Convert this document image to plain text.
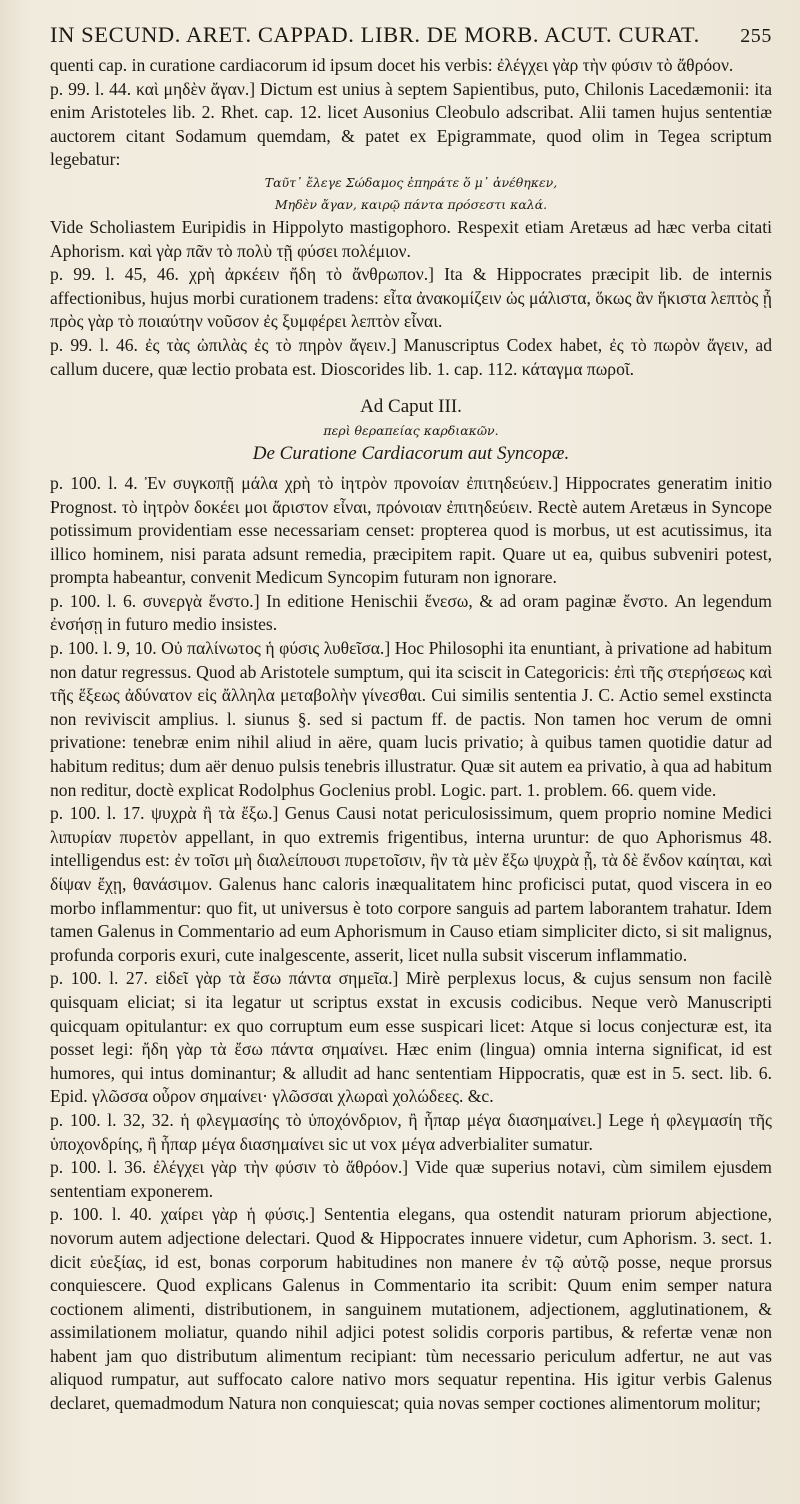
IN SECUND. ARET. CAPPAD. LIBR. DE MORB. ACUT. CURAT. 255

quenti cap. in curatione cardiacorum id ipsum docet his verbis: ἐλέγχει γὰρ τὴν φύσιν τὸ ἄθρόον.

p. 99. l. 44. καὶ μηδὲν ἄγαν.] Dictum est unius à septem Sapientibus, puto, Chilonis Lacedæmonii: ita enim Aristoteles lib. 2. Rhet. cap. 12. licet Ausonius Cleobulo adscribat. Alii tamen hujus sententiæ auctorem citant Sodamum quemdam, & patet ex Epigrammate, quod olim in Tegea scriptum legebatur:

Ταῦτ᾿ ἔλεγε Σώδαμος ἐπηράτε ὅ μ᾿ ἀνέθηκεν,
Μηδὲν ἄγαν, καιρῷ πάντα πρόσεστι καλά.

Vide Scholiastem Euripidis in Hippolyto mastigophoro. Respexit etiam Aretæus ad hæc verba citati Aphorism. καὶ γὰρ πᾶν τὸ πολὺ τῇ φύσει πολέμιον.

p. 99. l. 45, 46. χρὴ ἀρκέειν ἤδη τὸ ἄνθρωπον.] Ita & Hippocrates præcipit lib. de internis affectionibus, hujus morbi curationem tradens: εἶτα ἀνακομίζειν ὡς μάλιστα, ὅκως ἂν ἥκιστα λεπτὸς ᾖ πρὸς γὰρ τὸ ποιαύτην νοῦσον ἐς ξυμφέρει λεπτὸν εἶναι.

p. 99. l. 46. ἐς τὰς ὠπιλὰς ἐς τὸ πηρὸν ἄγειν.] Manuscriptus Codex habet, ἐς τὸ πωρὸν ἄγειν, ad callum ducere, quæ lectio probata est. Dioscorides lib. 1. cap. 112. κάταγμα πωροῖ.

Ad Caput III.
περὶ θεραπείας καρδιακῶν.
De Curatione Cardiacorum aut Syncopæ.

p. 100. l. 4. Ἐν συγκοπῇ μάλα χρὴ τὸ ἰητρὸν προνοίαν ἐπιτηδεύειν.] Hippocrates generatim initio Prognost. τὸ ἰητρὸν δοκέει μοι ἄριστον εἶναι, πρόνοιαν ἐπιτηδεύειν. Rectè autem Aretæus in Syncope potissimum providentiam esse necessariam censet: propterea quod is morbus, ut est acutissimus, ita illico hominem, nisi parata adsunt remedia, præcipitem rapit. Quare ut ea, quibus subveniri potest, prompta habeantur, convenit Medicum Syncopim futuram non ignorare.

p. 100. l. 6. συνεργὰ ἔνστο.] In editione Henischii ἔνεσω, & ad oram paginæ ἔνστο. An legendum ἐνσήσῃ in futuro medio insistes.

p. 100. l. 9, 10. Οὐ παλίνωτος ἡ φύσις λυθεῖσα.] Hoc Philosophi ita enuntiant, à privatione ad habitum non datur regressus. Quod ab Aristotele sumptum, qui ita sciscit in Categoricis: ἐπὶ τῆς στερήσεως καὶ τῆς ἕξεως ἀδύνατον εἰς ἄλληλα μεταβολὴν γίνεσθαι. Cui similis sententia J. C. Actio semel exstincta non reviviscit amplius. l. siunus §. sed si pactum ff. de pactis. Non tamen hoc verum de omni privatione: tenebræ enim nihil aliud in aëre, quam lucis privatio; à quibus tamen quotidie datur ad habitum reditus; dum aër denuo pulsis tenebris illustratur. Quæ sit autem ea privatio, à qua ad habitum non reditur, doctè explicat Rodolphus Goclenius probl. Logic. part. 1. problem. 66. quem vide.

p. 100. l. 17. ψυχρὰ ἢ τὰ ἔξω.] Genus Causi notat periculosissimum, quem proprio nomine Medici λιπυρίαν πυρετὸν appellant, in quo extremis frigentibus, interna uruntur: de quo Aphorismus 48. intelligendus est: ἐν τοῖσι μὴ διαλείπουσι πυρετοῖσιν, ἢν τὰ μὲν ἔξω ψυχρὰ ᾖ, τὰ δὲ ἔνδον καίηται, καὶ δίψαν ἔχῃ, θανάσιμον. Galenus hanc caloris inæqualitatem hinc proficisci putat, quod viscera in eo morbo inflammentur: quo fit, ut universus è toto corpore sanguis ad partem laborantem trahatur. Idem tamen Galenus in Commentario ad eum Aphorismum in Causo etiam simpliciter dicto, si sit malignus, profunda corporis exuri, cute inalgescente, asserit, licet nulla subsit viscerum inflammatio.

p. 100. l. 27. εἰδεῖ γὰρ τὰ ἔσω πάντα σημεῖα.] Mirè perplexus locus, & cujus sensum non facilè quisquam eliciat; si ita legatur ut scriptus exstat in excusis codicibus. Neque verò Manuscripti quicquam opitulantur: ex quo corruptum eum esse suspicari licet: Atque si locus conjecturæ est, ita posset legi: ἤδη γὰρ τὰ ἔσω πάντα σημαίνει. Hæc enim (lingua) omnia interna significat, id est humores, qui intus dominantur; & alludit ad hanc sententiam Hippocratis, quæ est in 5. sect. lib. 6. Epid. γλῶσσα οὖρον σημαίνει· γλῶσσαι χλωραὶ χολώδεες. &c.

p. 100. l. 32, 32. ἡ φλεγμασίης τὸ ὑποχόνδριον, ἢ ἧπαρ μέγα διασημαίνει.] Lege ἡ φλεγμασίη τῆς ὑποχονδρίης, ἢ ἧπαρ μέγα διασημαίνει sic ut vox μέγα adverbialiter sumatur.

p. 100. l. 36. ἐλέγχει γὰρ τὴν φύσιν τὸ ἄθρόον.] Vide quæ superius notavi, cùm similem ejusdem sententiam exponerem.

p. 100. l. 40. χαίρει γὰρ ἡ φύσις.] Sententia elegans, qua ostendit naturam priorum abjectione, novorum autem adjectione delectari. Quod & Hippocrates innuere videtur, cum Aphorism. 3. sect. 1. dicit εὐεξίας, id est, bonas corporum habitudines non manere ἐν τῷ αὐτῷ posse, neque prorsus conquiescere. Quod explicans Galenus in Commentario ita scribit: Quum enim semper natura coctionem alimenti, distributionem, in sanguinem mutationem, adjectionem, agglutinationem, & assimilationem moliatur, quando nihil adjici potest solidis corporis partibus, & refertæ venæ non habent jam quo distributum alimentum recipiant: tùm necessario periculum adfertur, ne aut vas aliquod rumpatur, aut suffocato calore nativo mors sequatur repentina. His igitur verbis Galenus declaret, quemadmodum Natura non conquiescat; quia novas semper coctiones alimentorum molitur;
